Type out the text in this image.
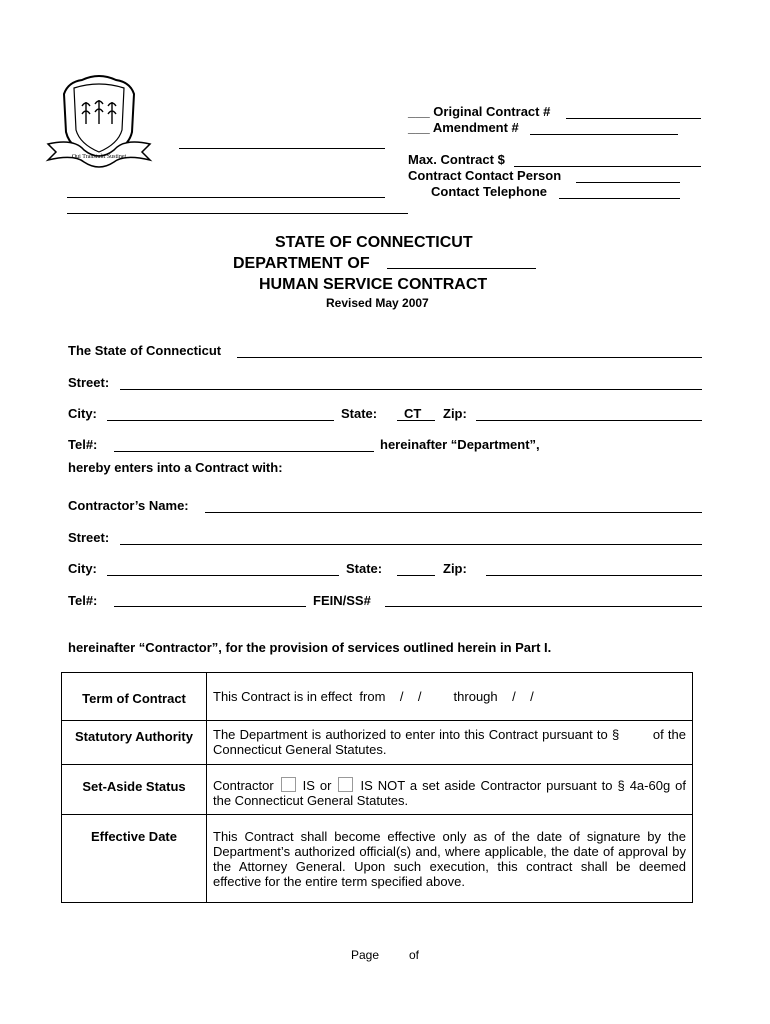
Qui Transtulit Sustinet
___ Original Contract #
___ Amendment #
Max. Contract $
Contract Contact Person
Contact Telephone
STATE OF CONNECTICUT
DEPARTMENT OF
HUMAN SERVICE CONTRACT
Revised May 2007
The State of Connecticut
Street:
City:	State: CT Zip:
Tel#:	hereinafter “Department”,
hereby enters into a Contract with:
Contractor’s Name:
Street:
City:	State:	Zip:
Tel#:	FEIN/SS#
hereinafter “Contractor”, for the provision of services outlined herein in Part I.
Term of Contract	This Contract is in effect  from    /    / through    /    /
Statutory Authority	The Department is authorized to enter into this Contract pursuant to §        of the Connecticut General Statutes.
Set-Aside Status	Contractor IS or IS NOT a set aside Contractor pursuant to § 4a-60g of the Connecticut General Statutes.
Effective Date	This Contract shall become effective only as of the date of signature by the Department’s authorized official(s) and, where applicable, the date of approval by the Attorney General. Upon such execution, this contract shall be deemed effective for the entire term specified above.
Page of
